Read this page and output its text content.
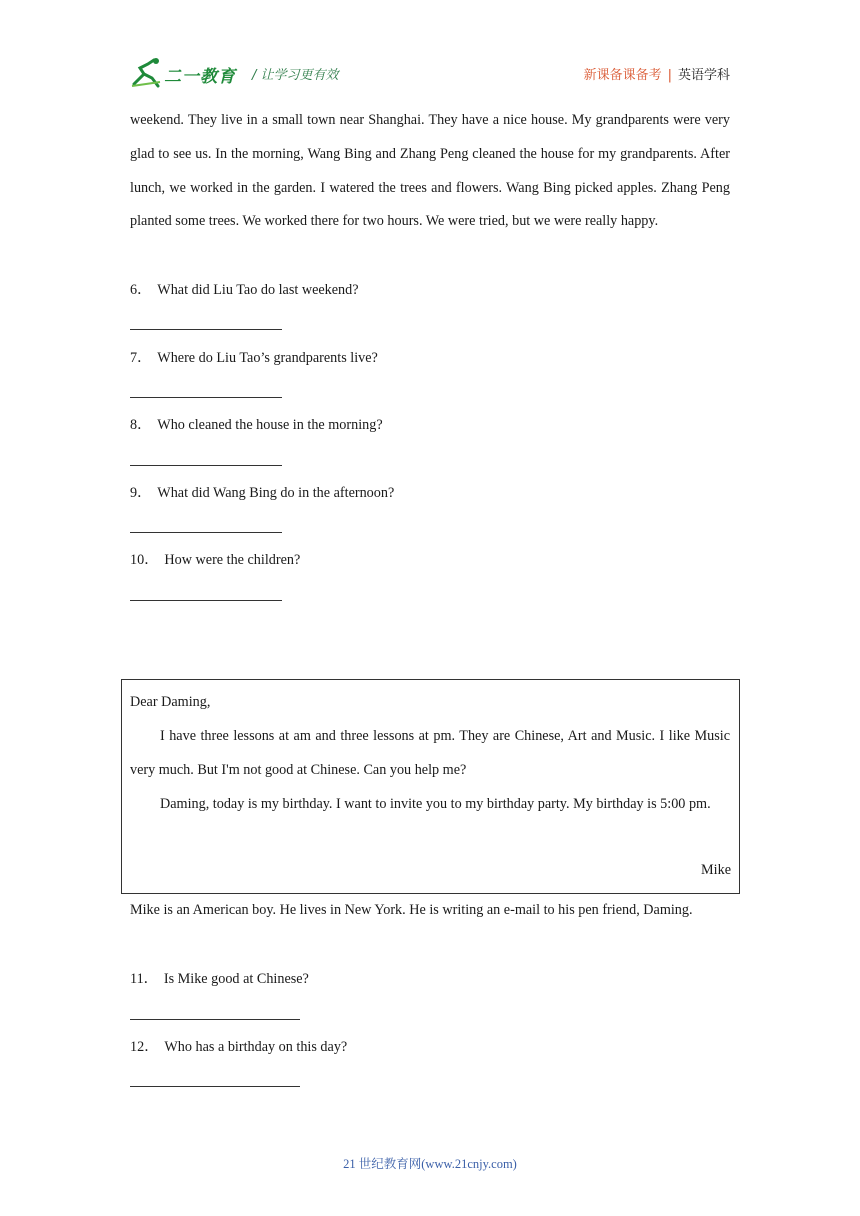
二一教育 / 让学习更有效	新课备课备考 | 英语学科

weekend. They live in a small town near Shanghai. They have a nice house. My grandparents were very glad to see us. In the morning, Wang Bing and Zhang Peng cleaned the house for my grandparents. After lunch, we worked in the garden. I watered the trees and flowers. Wang Bing picked apples. Zhang Peng planted some trees. We worked there for two hours. We were tried, but we were really happy.

6． What did Liu Tao do last weekend?

7． Where do Liu Tao’s grandparents live?

8． Who cleaned the house in the morning?

9． What did Wang Bing do in the afternoon?

10． How were the children?

Dear Daming,

I have three lessons at am and three lessons at pm. They are Chinese, Art and Music. I like Music very much. But I'm not good at Chinese. Can you help me?

Daming, today is my birthday. I want to invite you to my birthday party. My birthday is 5:00 pm.

Mike

Mike is an American boy. He lives in New York. He is writing an e-mail to his pen friend, Daming.

11． Is Mike good at Chinese?

12． Who has a birthday on this day?

21 世纪教育网(www.21cnjy.com)
